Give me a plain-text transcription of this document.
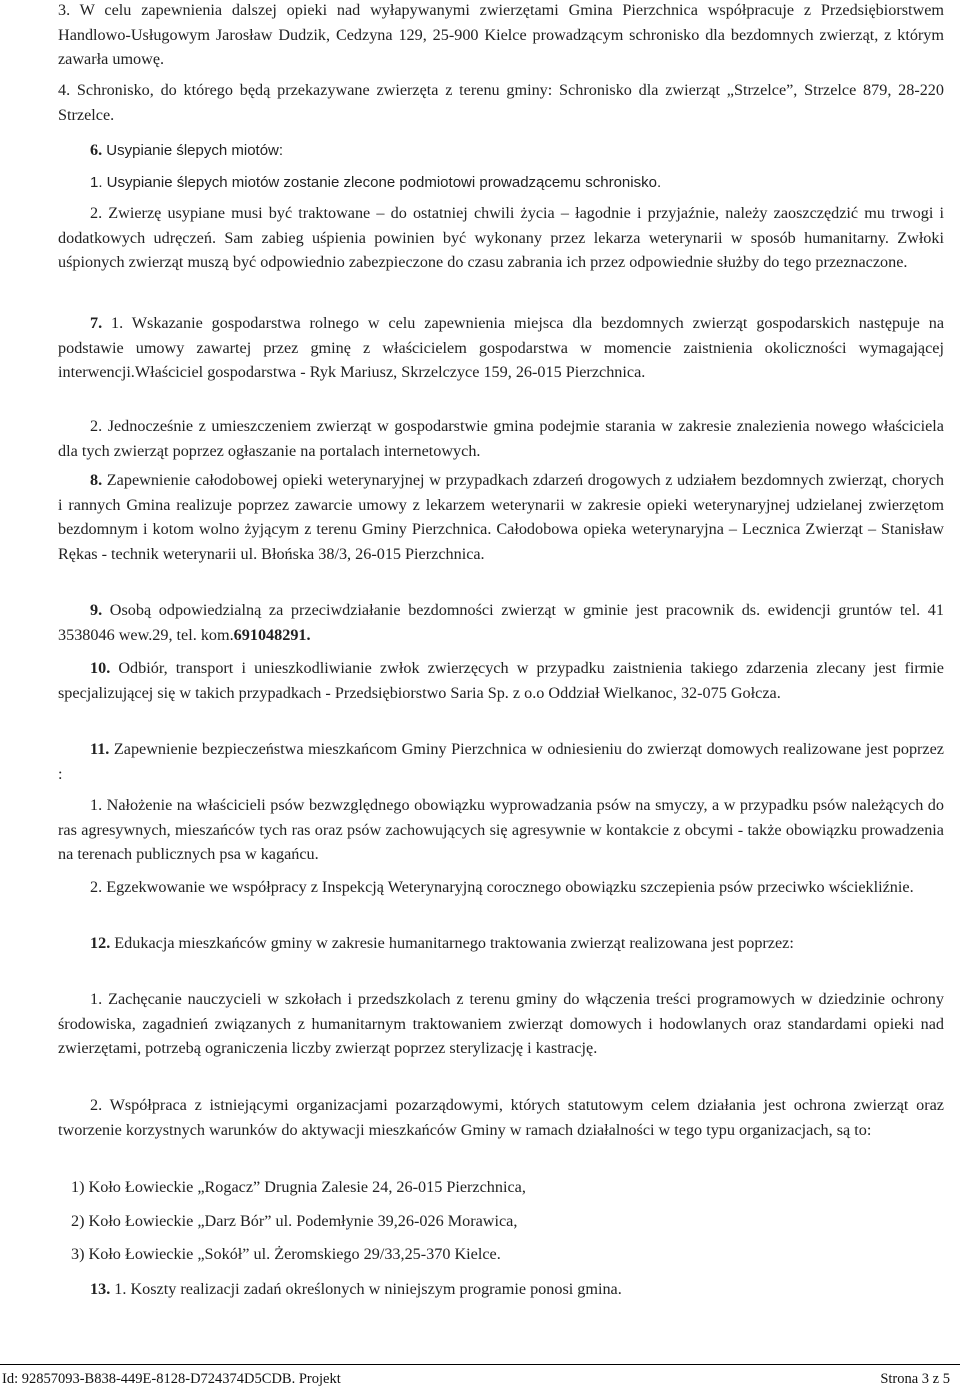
3. W celu zapewnienia dalszej opieki nad wyłapywanymi zwierzętami Gmina Pierzchnica współpracuje z Przedsiębiorstwem Handlowo-Usługowym Jarosław Dudzik, Cedzyna 129, 25-900 Kielce prowadzącym schronisko dla bezdomnych zwierząt, z którym zawarła umowę.

4. Schronisko, do którego będą przekazywane zwierzęta z terenu gminy: Schronisko dla zwierząt „Strzelce”, Strzelce 879, 28-220 Strzelce.

6. Usypianie ślepych miotów:

1. Usypianie ślepych miotów zostanie zlecone podmiotowi prowadzącemu schronisko.

2. Zwierzę usypiane musi być traktowane – do ostatniej chwili życia – łagodnie i przyjaźnie, należy zaoszczędzić mu trwogi i dodatkowych udręczeń. Sam zabieg uśpienia powinien być wykonany przez lekarza weterynarii w sposób humanitarny. Zwłoki uśpionych zwierząt muszą być odpowiednio zabezpieczone do czasu zabrania ich przez odpowiednie służby do tego przeznaczone.

7. 1. Wskazanie gospodarstwa rolnego w celu zapewnienia miejsca dla bezdomnych zwierząt gospodarskich następuje na podstawie umowy zawartej przez gminę z właścicielem gospodarstwa w momencie zaistnienia okoliczności wymagającej interwencji.Właściciel gospodarstwa - Ryk Mariusz, Skrzelczyce 159, 26-015 Pierzchnica.

2. Jednocześnie z umieszczeniem zwierząt w gospodarstwie gmina podejmie starania w zakresie znalezienia nowego właściciela dla tych zwierząt poprzez ogłaszanie na portalach internetowych.

8. Zapewnienie całodobowej opieki weterynaryjnej w przypadkach zdarzeń drogowych z udziałem bezdomnych zwierząt, chorych i rannych Gmina realizuje poprzez zawarcie umowy z lekarzem weterynarii w zakresie opieki weterynaryjnej udzielanej zwierzętom bezdomnym i kotom wolno żyjącym z terenu Gminy Pierzchnica. Całodobowa opieka weterynaryjna – Lecznica Zwierząt – Stanisław Rękas - technik weterynarii ul. Błońska 38/3, 26-015 Pierzchnica.

9. Osobą odpowiedzialną za przeciwdziałanie bezdomności zwierząt w gminie jest pracownik ds. ewidencji gruntów tel. 41 3538046 wew.29, tel. kom.691048291.

10. Odbiór, transport i unieszkodliwianie zwłok zwierzęcych w przypadku zaistnienia takiego zdarzenia zlecany jest firmie specjalizującej się w takich przypadkach - Przedsiębiorstwo Saria Sp. z o.o Oddział Wielkanoc, 32-075 Gołcza.

11. Zapewnienie bezpieczeństwa mieszkańcom Gminy Pierzchnica w odniesieniu do zwierząt domowych realizowane jest poprzez :

1. Nałożenie na właścicieli psów bezwzględnego obowiązku wyprowadzania psów na smyczy, a w przypadku psów należących do ras agresywnych, mieszańców tych ras oraz psów zachowujących się agresywnie w kontakcie z obcymi - także obowiązku prowadzenia na terenach publicznych psa w kagańcu.

2. Egzekwowanie we współpracy z Inspekcją Weterynaryjną corocznego obowiązku szczepienia psów przeciwko wściekliźnie.

12. Edukacja mieszkańców gminy w zakresie humanitarnego traktowania zwierząt realizowana jest poprzez:

1. Zachęcanie nauczycieli w szkołach i przedszkolach z terenu gminy do włączenia treści programowych w dziedzinie ochrony środowiska, zagadnień związanych z humanitarnym traktowaniem zwierząt domowych i hodowlanych oraz standardami opieki nad zwierzętami, potrzebą ograniczenia liczby zwierząt poprzez sterylizację i kastrację.

2. Współpraca z istniejącymi organizacjami pozarządowymi, których statutowym celem działania jest ochrona zwierząt oraz tworzenie korzystnych warunków do aktywacji mieszkańców Gminy w ramach działalności w tego typu organizacjach, są to:

1) Koło Łowieckie „Rogacz” Drugnia Zalesie 24, 26-015 Pierzchnica,

2) Koło Łowieckie „Darz Bór” ul. Podemłynie 39,26-026 Morawica,

3) Koło Łowieckie „Sokół” ul. Żeromskiego 29/33,25-370 Kielce.

13. 1. Koszty realizacji zadań określonych w niniejszym programie ponosi gmina.

Id: 92857093-B838-449E-8128-D724374D5CDB. Projekt	Strona 3 z 5
